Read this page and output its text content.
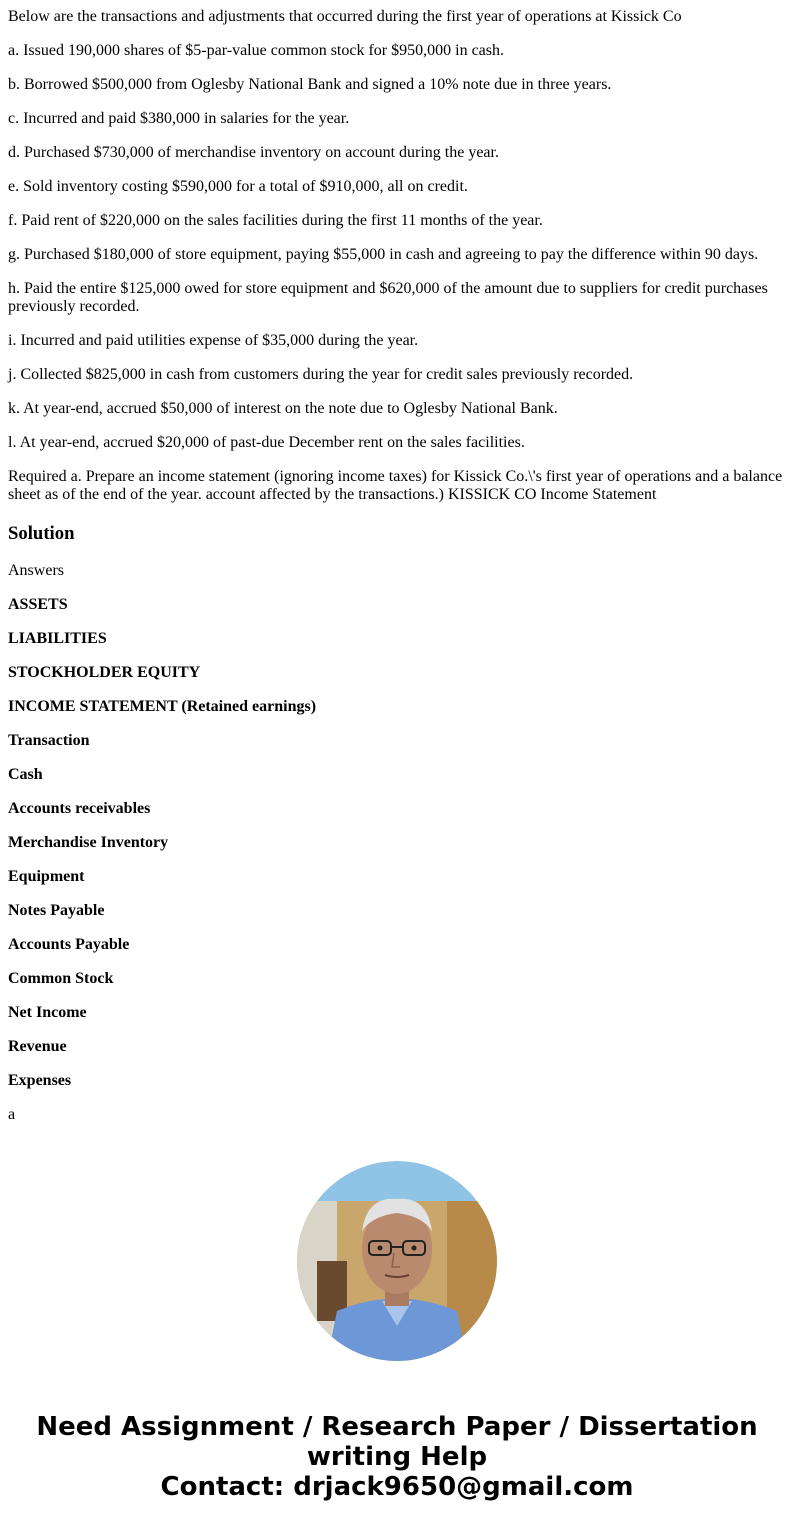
Below are the transactions and adjustments that occurred during the first year of operations at Kissick Co

a. Issued 190,000 shares of $5-par-value common stock for $950,000 in cash.

b. Borrowed $500,000 from Oglesby National Bank and signed a 10% note due in three years.

c. Incurred and paid $380,000 in salaries for the year.

d. Purchased $730,000 of merchandise inventory on account during the year.

e. Sold inventory costing $590,000 for a total of $910,000, all on credit.

f. Paid rent of $220,000 on the sales facilities during the first 11 months of the year.

g. Purchased $180,000 of store equipment, paying $55,000 in cash and agreeing to pay the difference within 90 days.

h. Paid the entire $125,000 owed for store equipment and $620,000 of the amount due to suppliers for credit purchases previously recorded.

i. Incurred and paid utilities expense of $35,000 during the year.

j. Collected $825,000 in cash from customers during the year for credit sales previously recorded.

k. At year-end, accrued $50,000 of interest on the note due to Oglesby National Bank.

l. At year-end, accrued $20,000 of past-due December rent on the sales facilities.

Required a. Prepare an income statement (ignoring income taxes) for Kissick Co.\'s first year of operations and a balance sheet as of the end of the year. account affected by the transactions.) KISSICK CO Income Statement

Solution

Answers

ASSETS

LIABILITIES

STOCKHOLDER EQUITY

INCOME STATEMENT (Retained earnings)

Transaction

Cash

Accounts receivables

Merchandise Inventory

Equipment

Notes Payable

Accounts Payable

Common Stock

Net Income

Revenue

Expenses

a

Need Assignment / Research Paper / Dissertation
writing Help
Contact: drjack9650@gmail.com
